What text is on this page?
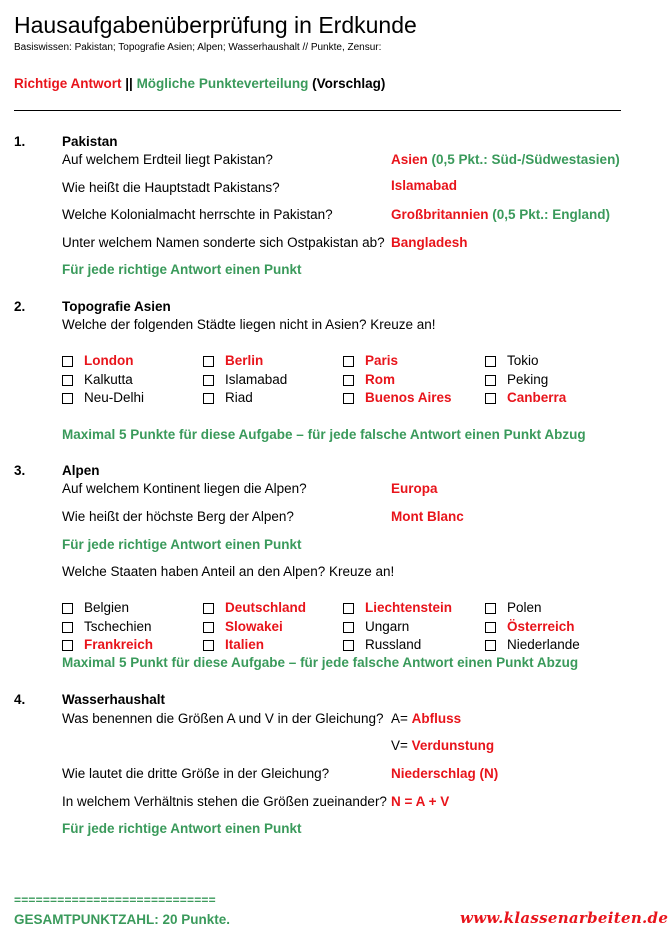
Hausaufgabenüberprüfung in Erdkunde
Basiswissen: Pakistan; Topografie Asien; Alpen; Wasserhaushalt // Punkte, Zensur:
Richtige Antwort || Mögliche Punkteverteilung (Vorschlag)
1.	Pakistan
Auf welchem Erdteil liegt Pakistan?	Asien (0,5 Pkt.: Süd-/Südwestasien)
Wie heißt die Hauptstadt Pakistans?	Islamabad
Welche Kolonialmacht herrschte in Pakistan?	Großbritannien (0,5 Pkt.: England)
Unter welchem Namen sonderte sich Ostpakistan ab? Bangladesh
Für jede richtige Antwort einen Punkt
2.	Topografie Asien
Welche der folgenden Städte liegen nicht in Asien? Kreuze an!
London	Berlin	Paris	Tokio
Kalkutta	Islamabad	Rom	Peking
Neu-Delhi	Riad	Buenos Aires	Canberra
Maximal 5 Punkte für diese Aufgabe – für jede falsche Antwort einen Punkt Abzug
3.	Alpen
Auf welchem Kontinent liegen die Alpen?	Europa
Wie heißt der höchste Berg der Alpen?	Mont Blanc
Für jede richtige Antwort einen Punkt
Welche Staaten haben Anteil an den Alpen? Kreuze an!
Belgien	Deutschland	Liechtenstein	Polen
Tschechien	Slowakei	Ungarn	Österreich
Frankreich	Italien	Russland	Niederlande
Maximal 5 Punkt für diese Aufgabe – für jede falsche Antwort einen Punkt Abzug
4.	Wasserhaushalt
Was benennen die Größen A und V in der Gleichung? A= Abfluss
V= Verdunstung
Wie lautet die dritte Größe in der Gleichung?	Niederschlag (N)
In welchem Verhältnis stehen die Größen zueinander? N = A + V
Für jede richtige Antwort einen Punkt
============================
GESAMTPUNKTZAHL: 20 Punkte.	www.klassenarbeiten.de
